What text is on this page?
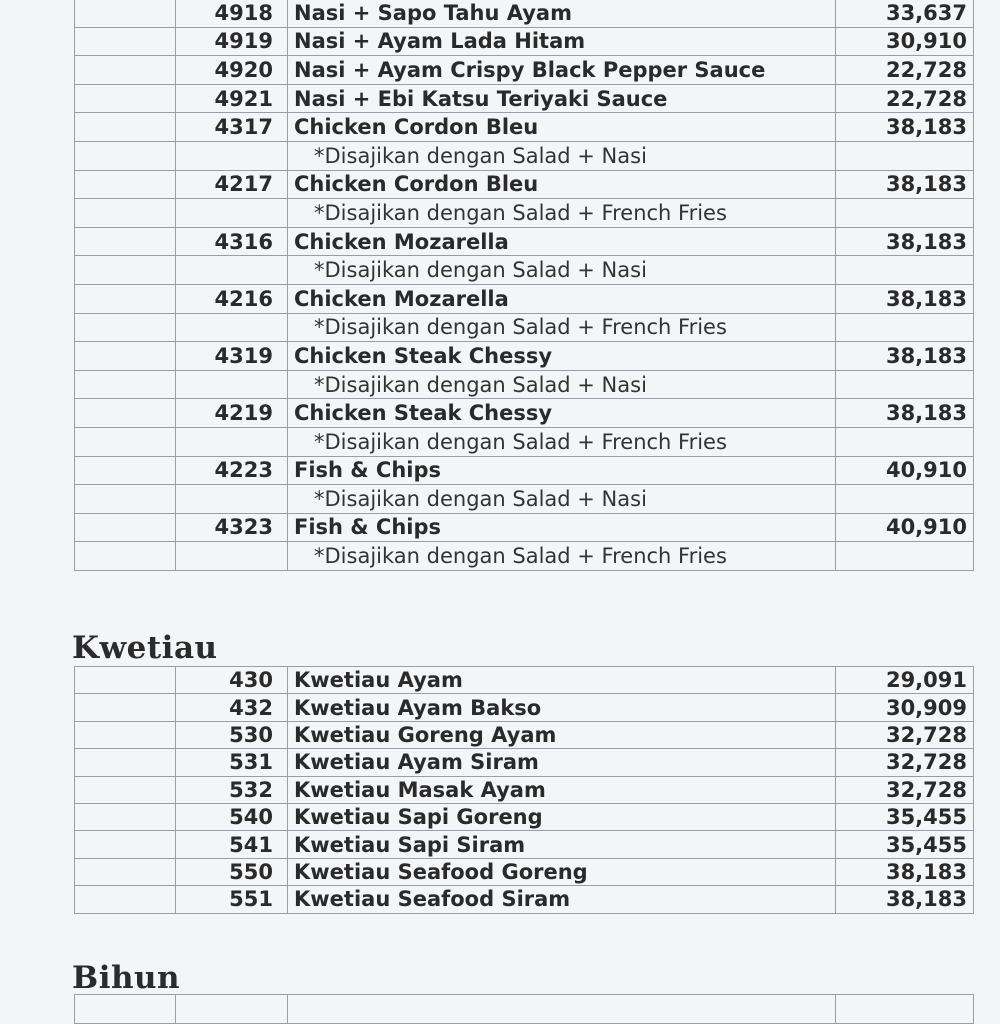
	4918	Nasi + Sapo Tahu Ayam	33,637
	4919	Nasi + Ayam Lada Hitam	30,910
	4920	Nasi + Ayam Crispy Black Pepper Sauce	22,728
	4921	Nasi + Ebi Katsu Teriyaki Sauce	22,728
	4317	Chicken Cordon Bleu	38,183
		*Disajikan dengan Salad + Nasi	
	4217	Chicken Cordon Bleu	38,183
		*Disajikan dengan Salad + French Fries	
	4316	Chicken Mozarella	38,183
		*Disajikan dengan Salad + Nasi	
	4216	Chicken Mozarella	38,183
		*Disajikan dengan Salad + French Fries	
	4319	Chicken Steak Chessy	38,183
		*Disajikan dengan Salad + Nasi	
	4219	Chicken Steak Chessy	38,183
		*Disajikan dengan Salad + French Fries	
	4223	Fish & Chips	40,910
		*Disajikan dengan Salad + Nasi	
	4323	Fish & Chips	40,910
		*Disajikan dengan Salad + French Fries	
Kwetiau
	430	Kwetiau Ayam	29,091
	432	Kwetiau Ayam Bakso	30,909
	530	Kwetiau Goreng Ayam	32,728
	531	Kwetiau Ayam Siram	32,728
	532	Kwetiau Masak Ayam	32,728
	540	Kwetiau Sapi Goreng	35,455
	541	Kwetiau Sapi Siram	35,455
	550	Kwetiau Seafood Goreng	38,183
	551	Kwetiau Seafood Siram	38,183
Bihun
